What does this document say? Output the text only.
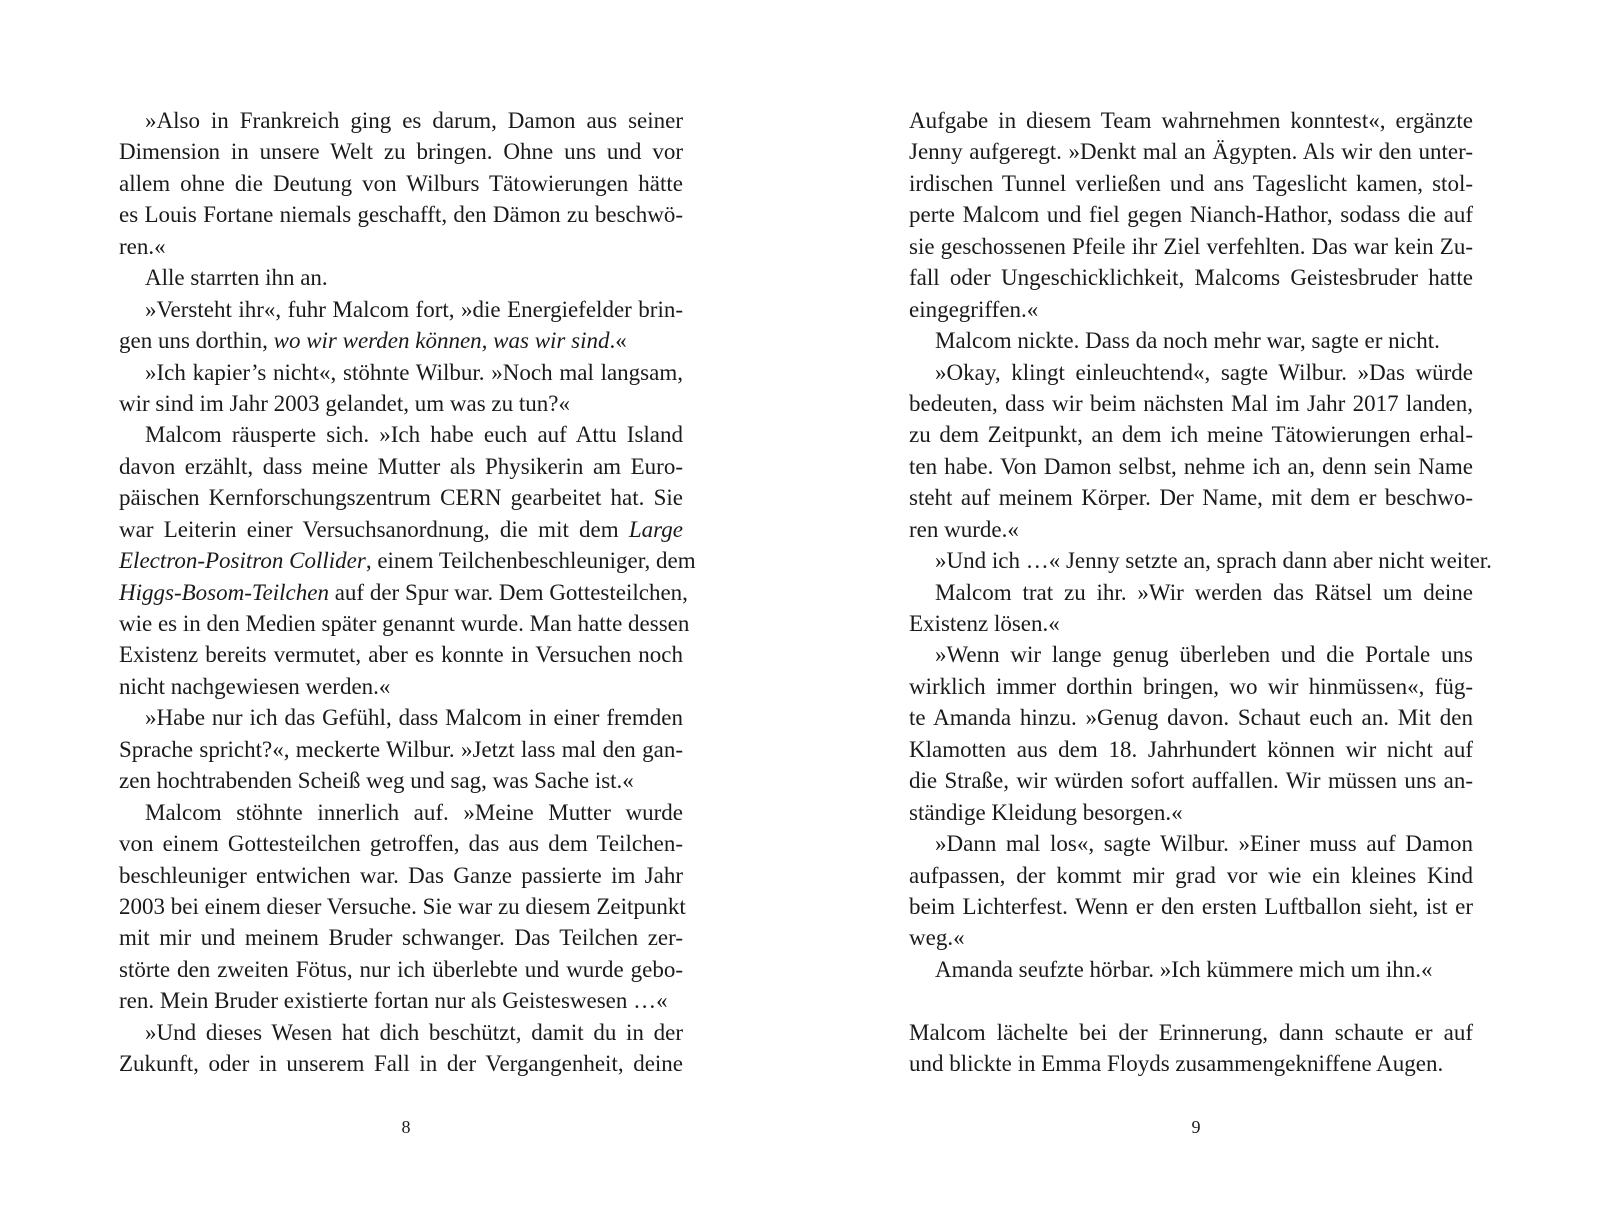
»Also in Frankreich ging es darum, Damon aus seiner
Dimension in unsere Welt zu bringen. Ohne uns und vor
allem ohne die Deutung von Wilburs Tätowierungen hätte
es Louis Fortane niemals geschafft, den Dämon zu beschwö-
ren.«
Alle starrten ihn an.
»Versteht ihr«, fuhr Malcom fort, »die Energiefelder brin-
gen uns dorthin, wo wir werden können, was wir sind.«
»Ich kapier’s nicht«, stöhnte Wilbur. »Noch mal langsam,
wir sind im Jahr 2003 gelandet, um was zu tun?«
Malcom räusperte sich. »Ich habe euch auf Attu Island
davon erzählt, dass meine Mutter als Physikerin am Euro-
päischen Kernforschungszentrum CERN gearbeitet hat. Sie
war Leiterin einer Versuchsanordnung, die mit dem Large
Electron-Positron Collider, einem Teilchenbeschleuniger, dem
Higgs-Bosom-Teilchen auf der Spur war. Dem Gottesteilchen,
wie es in den Medien später genannt wurde. Man hatte dessen
Existenz bereits vermutet, aber es konnte in Versuchen noch
nicht nachgewiesen werden.«
»Habe nur ich das Gefühl, dass Malcom in einer fremden
Sprache spricht?«, meckerte Wilbur. »Jetzt lass mal den gan-
zen hochtrabenden Scheiß weg und sag, was Sache ist.«
Malcom stöhnte innerlich auf. »Meine Mutter wurde
von einem Gottesteilchen getroffen, das aus dem Teilchen-
beschleuniger entwichen war. Das Ganze passierte im Jahr
2003 bei einem dieser Versuche. Sie war zu diesem Zeitpunkt
mit mir und meinem Bruder schwanger. Das Teilchen zer-
störte den zweiten Fötus, nur ich überlebte und wurde gebo-
ren. Mein Bruder existierte fortan nur als Geisteswesen …«
»Und dieses Wesen hat dich beschützt, damit du in der
Zukunft, oder in unserem Fall in der Vergangenheit, deine
Aufgabe in diesem Team wahrnehmen konntest«, ergänzte
Jenny aufgeregt. »Denkt mal an Ägypten. Als wir den unter-
irdischen Tunnel verließen und ans Tageslicht kamen, stol-
perte Malcom und fiel gegen Nianch-Hathor, sodass die auf
sie geschossenen Pfeile ihr Ziel verfehlten. Das war kein Zu-
fall oder Ungeschicklichkeit, Malcoms Geistesbruder hatte
eingegriffen.«
Malcom nickte. Dass da noch mehr war, sagte er nicht.
»Okay, klingt einleuchtend«, sagte Wilbur. »Das würde
bedeuten, dass wir beim nächsten Mal im Jahr 2017 landen,
zu dem Zeitpunkt, an dem ich meine Tätowierungen erhal-
ten habe. Von Damon selbst, nehme ich an, denn sein Name
steht auf meinem Körper. Der Name, mit dem er beschwo-
ren wurde.«
»Und ich …« Jenny setzte an, sprach dann aber nicht weiter.
Malcom trat zu ihr. »Wir werden das Rätsel um deine
Existenz lösen.«
»Wenn wir lange genug überleben und die Portale uns
wirklich immer dorthin bringen, wo wir hinmüssen«, füg-
te Amanda hinzu. »Genug davon. Schaut euch an. Mit den
Klamotten aus dem 18. Jahrhundert können wir nicht auf
die Straße, wir würden sofort auffallen. Wir müssen uns an-
ständige Kleidung besorgen.«
»Dann mal los«, sagte Wilbur. »Einer muss auf Damon
aufpassen, der kommt mir grad vor wie ein kleines Kind
beim Lichterfest. Wenn er den ersten Luftballon sieht, ist er
weg.«
Amanda seufzte hörbar. »Ich kümmere mich um ihn.«
Malcom lächelte bei der Erinnerung, dann schaute er auf
und blickte in Emma Floyds zusammengekniffene Augen.
8	9
